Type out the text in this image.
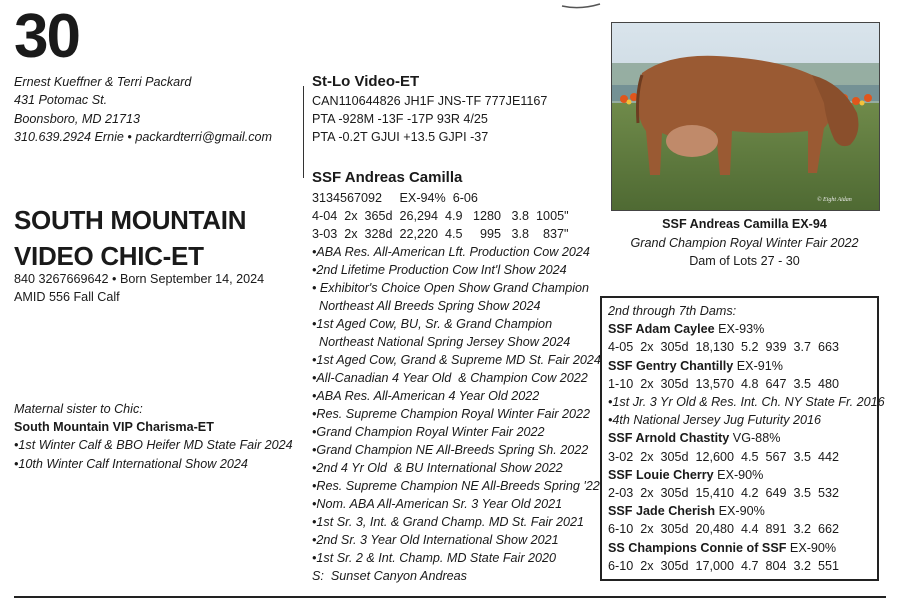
30
Ernest Kueffner & Terri Packard
431 Potomac St.
Boonsboro, MD 21713
310.639.2924 Ernie • packardterri@gmail.com
SOUTH MOUNTAIN
VIDEO CHIC-ET
840 3267669642 • Born September 14, 2024
AMID 556 Fall Calf
Maternal sister to Chic:
South Mountain VIP Charisma-ET
•1st Winter Calf & BBO Heifer MD State Fair 2024
•10th Winter Calf International Show 2024
St-Lo Video-ET
CAN110644826 JH1F JNS-TF 777JE1167
PTA -928M -13F -17P 93R 4/25
PTA -0.2T GJUI +13.5 GJPI -37
SSF Andreas Camilla
3134567092     EX-94%  6-06
4-04  2x  365d  26,294  4.9   1280   3.8  1005"
3-03  2x  328d  22,220  4.5     995   3.8    837"
•ABA Res. All-American Lft. Production Cow 2024
•2nd Lifetime Production Cow Int'l Show 2024
• Exhibitor's Choice Open Show Grand Champion
Northeast All Breeds Spring Show 2024
•1st Aged Cow, BU, Sr. & Grand Champion
Northeast National Spring Jersey Show 2024
•1st Aged Cow, Grand & Supreme MD St. Fair 2024
•All-Canadian 4 Year Old  & Champion Cow 2022
•ABA Res. All-American 4 Year Old 2022
•Res. Supreme Champion Royal Winter Fair 2022
•Grand Champion Royal Winter Fair 2022
•Grand Champion NE All-Breeds Spring Sh. 2022
•2nd 4 Yr Old  & BU International Show 2022
•Res. Supreme Champion NE All-Breeds Spring '22
•Nom. ABA All-American Sr. 3 Year Old 2021
•1st Sr. 3, Int. & Grand Champ. MD St. Fair 2021
•2nd Sr. 3 Year Old International Show 2021
•1st Sr. 2 & Int. Champ. MD State Fair 2020
S:  Sunset Canyon Andreas
© Eight Aidan
SSF Andreas Camilla EX-94
Grand Champion Royal Winter Fair 2022
Dam of Lots 27 - 30
2nd through 7th Dams:
SSF Adam Caylee EX-93%
4-05  2x  305d  18,130  5.2  939  3.7  663
SSF Gentry Chantilly EX-91%
1-10  2x  305d  13,570  4.8  647  3.5  480
•1st Jr. 3 Yr Old & Res. Int. Ch. NY State Fr. 2016
•4th National Jersey Jug Futurity 2016
SSF Arnold Chastity VG-88%
3-02  2x  305d  12,600  4.5  567  3.5  442
SSF Louie Cherry EX-90%
2-03  2x  305d  15,410  4.2  649  3.5  532
SSF Jade Cherish EX-90%
6-10  2x  305d  20,480  4.4  891  3.2  662
SS Champions Connie of SSF EX-90%
6-10  2x  305d  17,000  4.7  804  3.2  551
